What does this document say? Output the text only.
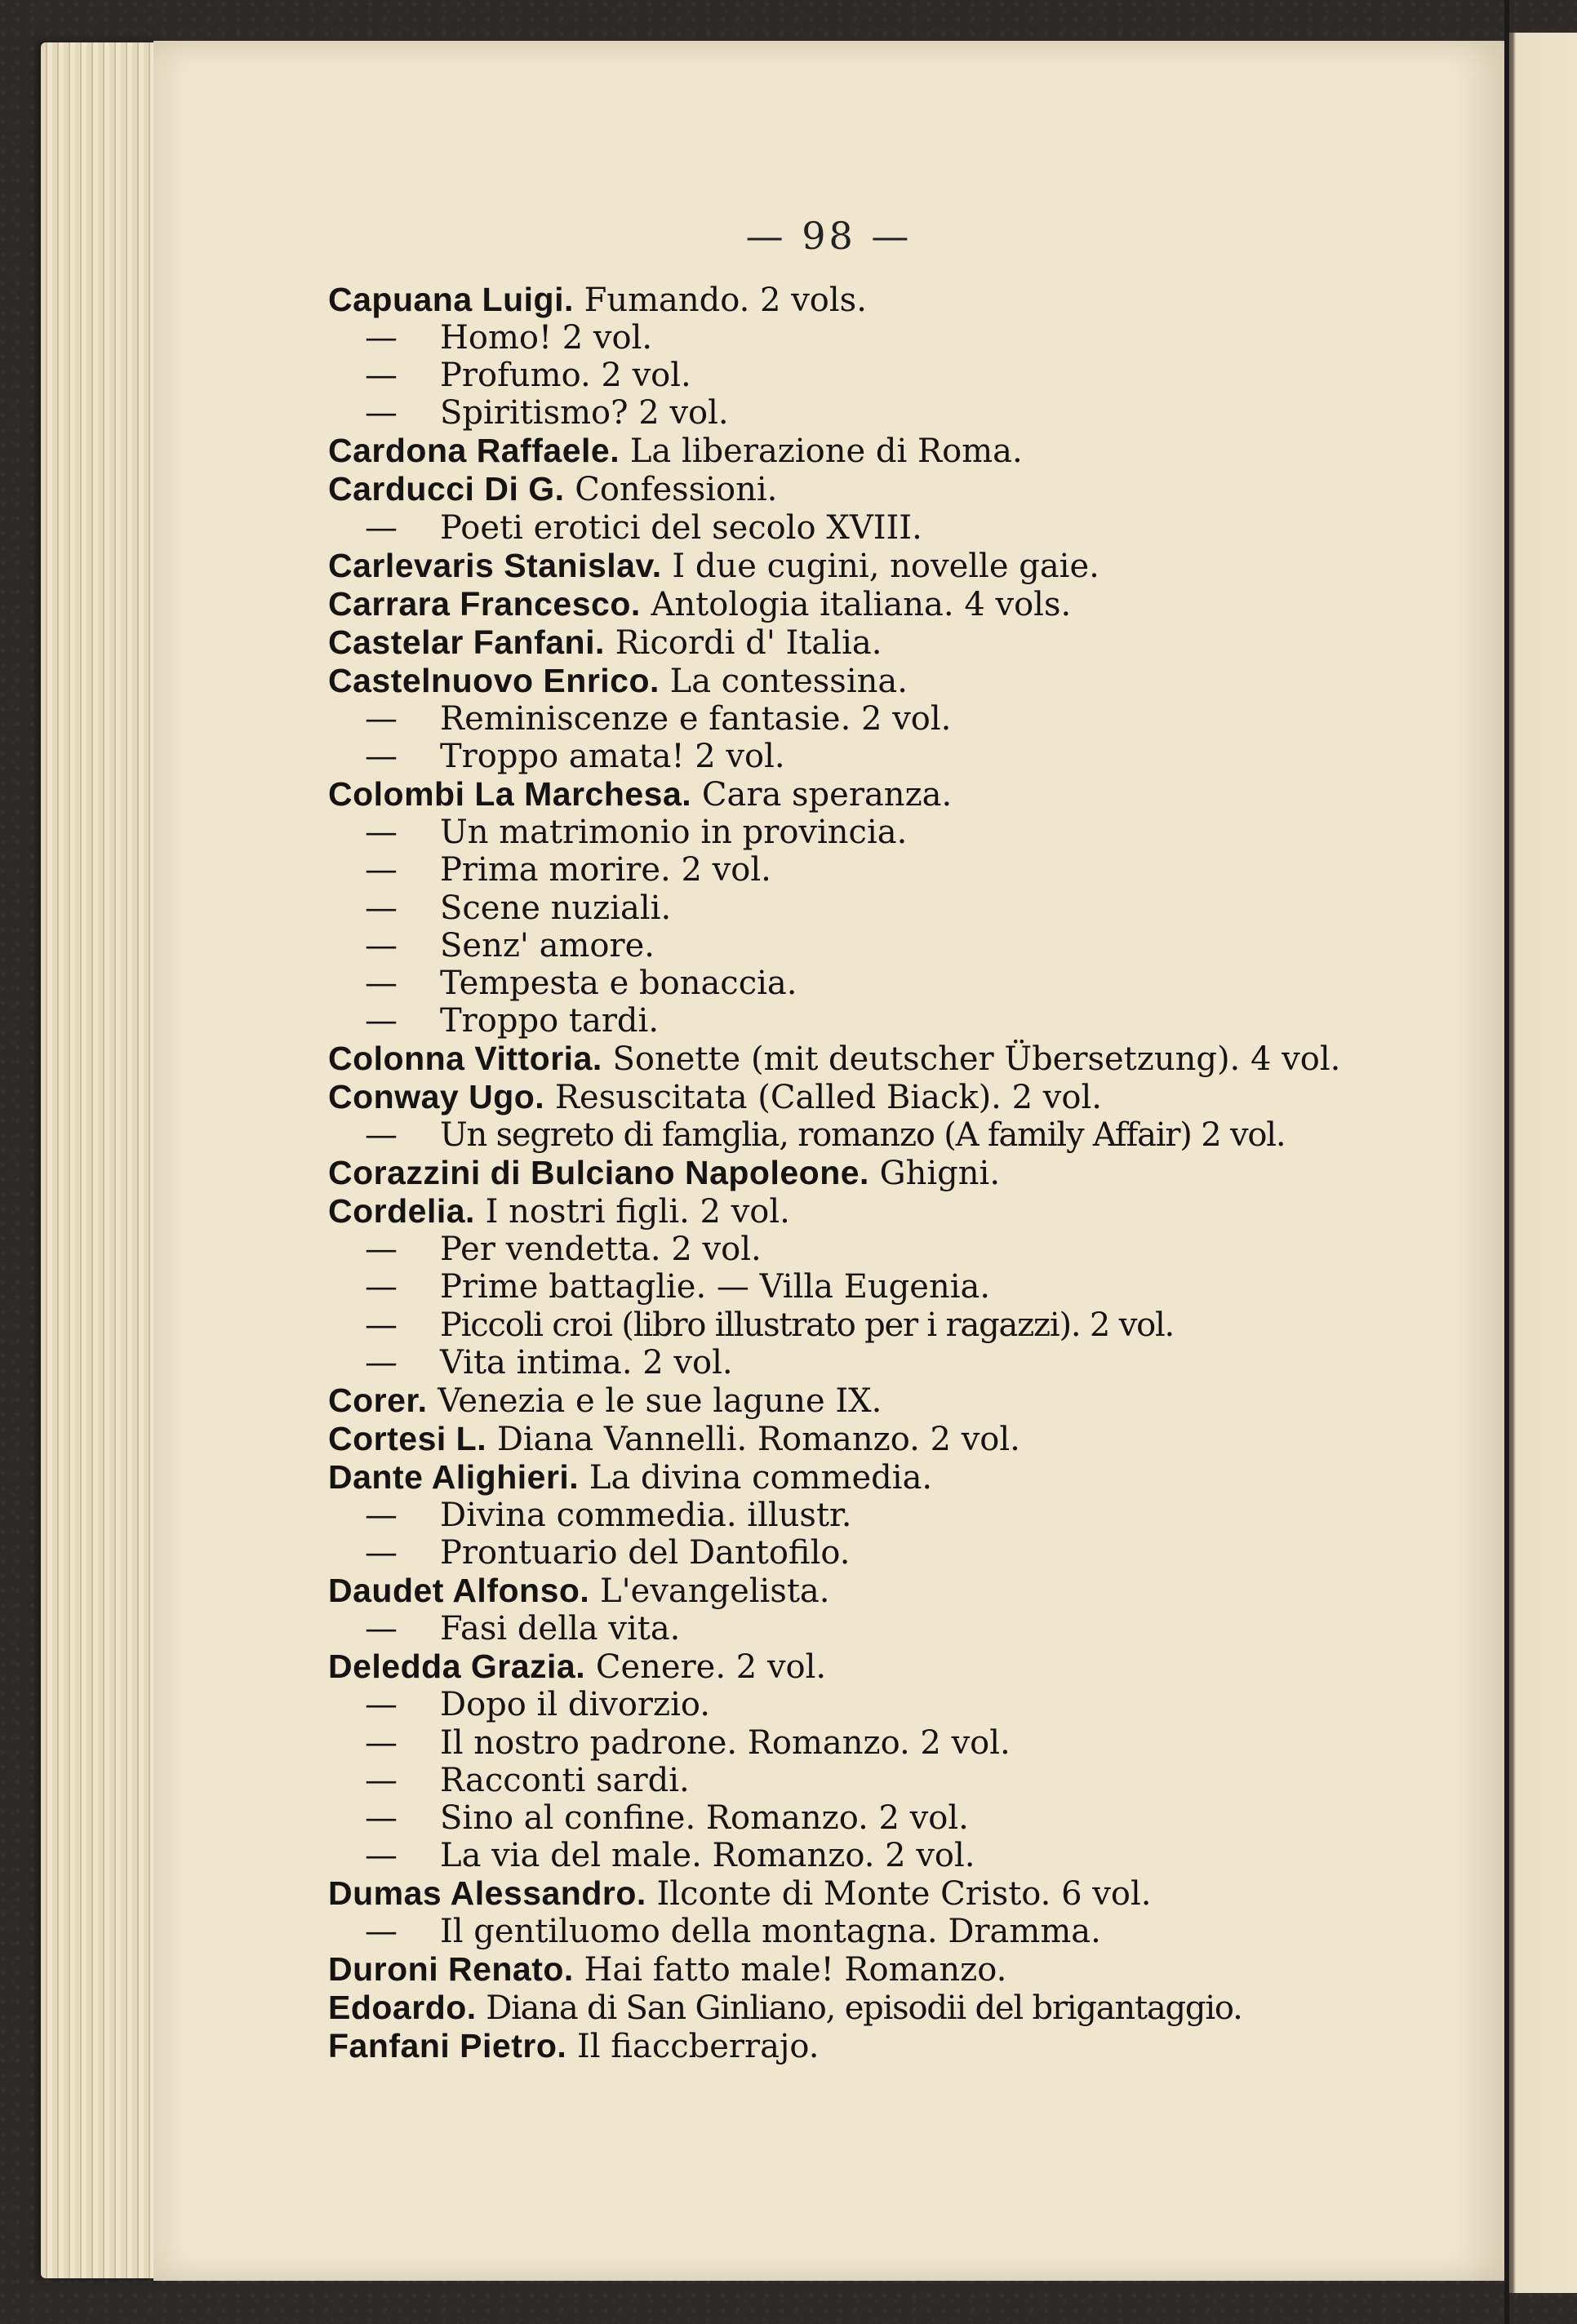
— 98 —
Capuana Luigi. Fumando. 2 vols.
— Homo! 2 vol.
— Profumo. 2 vol.
— Spiritismo? 2 vol.
Cardona Raffaele. La liberazione di Roma.
Carducci Di G. Confessioni.
— Poeti erotici del secolo XVIII.
Carlevaris Stanislav. I due cugini, novelle gaie.
Carrara Francesco. Antologia italiana. 4 vols.
Castelar Fanfani. Ricordi d' Italia.
Castelnuovo Enrico. La contessina.
— Reminiscenze e fantasie. 2 vol.
— Troppo amata! 2 vol.
Colombi La Marchesa. Cara speranza.
— Un matrimonio in provincia.
— Prima morire. 2 vol.
— Scene nuziali.
— Senz' amore.
— Tempesta e bonaccia.
— Troppo tardi.
Colonna Vittoria. Sonette (mit deutscher Übersetzung). 4 vol.
Conway Ugo. Resuscitata (Called Biack). 2 vol.
— Un segreto di famglia, romanzo (A family Affair) 2 vol.
Corazzini di Bulciano Napoleone. Ghigni.
Cordelia. I nostri figli. 2 vol.
— Per vendetta. 2 vol.
— Prime battaglie. — Villa Eugenia.
— Piccoli croi (libro illustrato per i ragazzi). 2 vol.
— Vita intima. 2 vol.
Corer. Venezia e le sue lagune IX.
Cortesi L. Diana Vannelli. Romanzo. 2 vol.
Dante Alighieri. La divina commedia.
— Divina commedia. illustr.
— Prontuario del Dantofilo.
Daudet Alfonso. L'evangelista.
— Fasi della vita.
Deledda Grazia. Cenere. 2 vol.
— Dopo il divorzio.
— Il nostro padrone. Romanzo. 2 vol.
— Racconti sardi.
— Sino al confine. Romanzo. 2 vol.
— La via del male. Romanzo. 2 vol.
Dumas Alessandro. Ilconte di Monte Cristo. 6 vol.
— Il gentiluomo della montagna. Dramma.
Duroni Renato. Hai fatto male! Romanzo.
Edoardo. Diana di San Ginliano, episodii del brigantaggio.
Fanfani Pietro. Il fiaccberrajo.
